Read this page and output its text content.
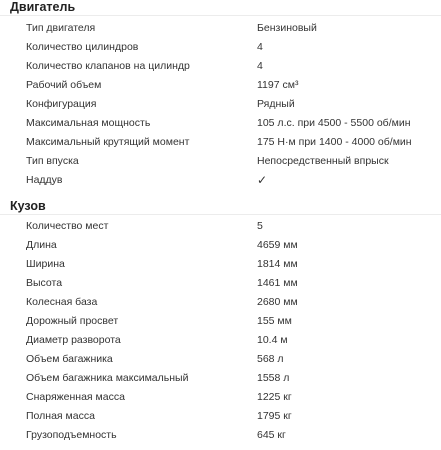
Двигатель
Тип двигателя	Бензиновый
Количество цилиндров	4
Количество клапанов на цилиндр	4
Рабочий объем	1197 см³
Конфигурация	Рядный
Максимальная мощность	105 л.с. при 4500 - 5500 об/мин
Максимальный крутящий момент	175 Н·м при 1400 - 4000 об/мин
Тип впуска	Непосредственный впрыск
Наддув	✓
Кузов
Количество мест	5
Длина	4659 мм
Ширина	1814 мм
Высота	1461 мм
Колесная база	2680 мм
Дорожный просвет	155 мм
Диаметр разворота	10.4 м
Объем багажника	568 л
Объем багажника максимальный	1558 л
Снаряженная масса	1225 кг
Полная масса	1795 кг
Грузоподъемность	645 кг
